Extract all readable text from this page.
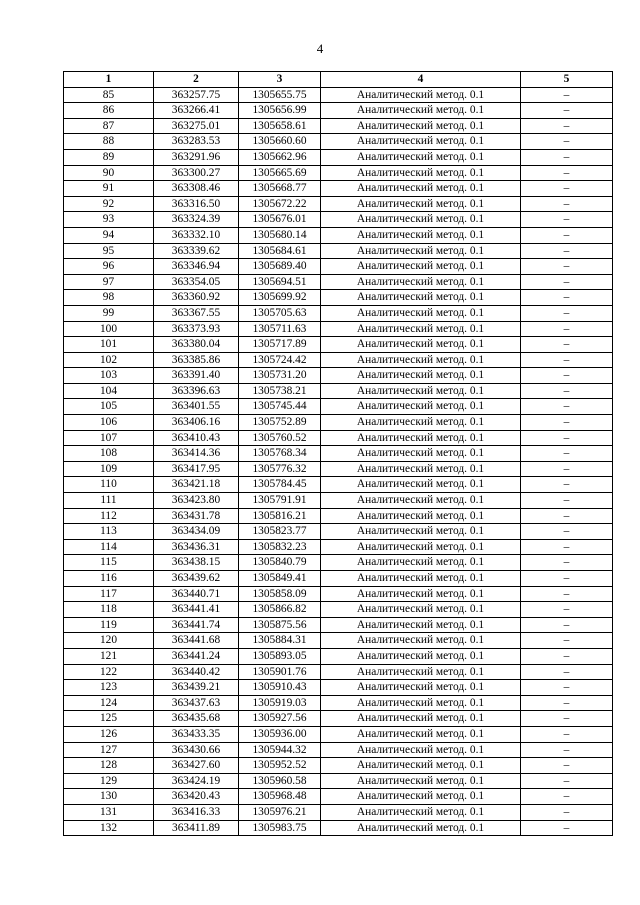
4
1	2	3	4	5
85	363257.75	1305655.75	Аналитический метод. 0.1	–
86	363266.41	1305656.99	Аналитический метод. 0.1	–
87	363275.01	1305658.61	Аналитический метод. 0.1	–
88	363283.53	1305660.60	Аналитический метод. 0.1	–
89	363291.96	1305662.96	Аналитический метод. 0.1	–
90	363300.27	1305665.69	Аналитический метод. 0.1	–
91	363308.46	1305668.77	Аналитический метод. 0.1	–
92	363316.50	1305672.22	Аналитический метод. 0.1	–
93	363324.39	1305676.01	Аналитический метод. 0.1	–
94	363332.10	1305680.14	Аналитический метод. 0.1	–
95	363339.62	1305684.61	Аналитический метод. 0.1	–
96	363346.94	1305689.40	Аналитический метод. 0.1	–
97	363354.05	1305694.51	Аналитический метод. 0.1	–
98	363360.92	1305699.92	Аналитический метод. 0.1	–
99	363367.55	1305705.63	Аналитический метод. 0.1	–
100	363373.93	1305711.63	Аналитический метод. 0.1	–
101	363380.04	1305717.89	Аналитический метод. 0.1	–
102	363385.86	1305724.42	Аналитический метод. 0.1	–
103	363391.40	1305731.20	Аналитический метод. 0.1	–
104	363396.63	1305738.21	Аналитический метод. 0.1	–
105	363401.55	1305745.44	Аналитический метод. 0.1	–
106	363406.16	1305752.89	Аналитический метод. 0.1	–
107	363410.43	1305760.52	Аналитический метод. 0.1	–
108	363414.36	1305768.34	Аналитический метод. 0.1	–
109	363417.95	1305776.32	Аналитический метод. 0.1	–
110	363421.18	1305784.45	Аналитический метод. 0.1	–
111	363423.80	1305791.91	Аналитический метод. 0.1	–
112	363431.78	1305816.21	Аналитический метод. 0.1	–
113	363434.09	1305823.77	Аналитический метод. 0.1	–
114	363436.31	1305832.23	Аналитический метод. 0.1	–
115	363438.15	1305840.79	Аналитический метод. 0.1	–
116	363439.62	1305849.41	Аналитический метод. 0.1	–
117	363440.71	1305858.09	Аналитический метод. 0.1	–
118	363441.41	1305866.82	Аналитический метод. 0.1	–
119	363441.74	1305875.56	Аналитический метод. 0.1	–
120	363441.68	1305884.31	Аналитический метод. 0.1	–
121	363441.24	1305893.05	Аналитический метод. 0.1	–
122	363440.42	1305901.76	Аналитический метод. 0.1	–
123	363439.21	1305910.43	Аналитический метод. 0.1	–
124	363437.63	1305919.03	Аналитический метод. 0.1	–
125	363435.68	1305927.56	Аналитический метод. 0.1	–
126	363433.35	1305936.00	Аналитический метод. 0.1	–
127	363430.66	1305944.32	Аналитический метод. 0.1	–
128	363427.60	1305952.52	Аналитический метод. 0.1	–
129	363424.19	1305960.58	Аналитический метод. 0.1	–
130	363420.43	1305968.48	Аналитический метод. 0.1	–
131	363416.33	1305976.21	Аналитический метод. 0.1	–
132	363411.89	1305983.75	Аналитический метод. 0.1	–
